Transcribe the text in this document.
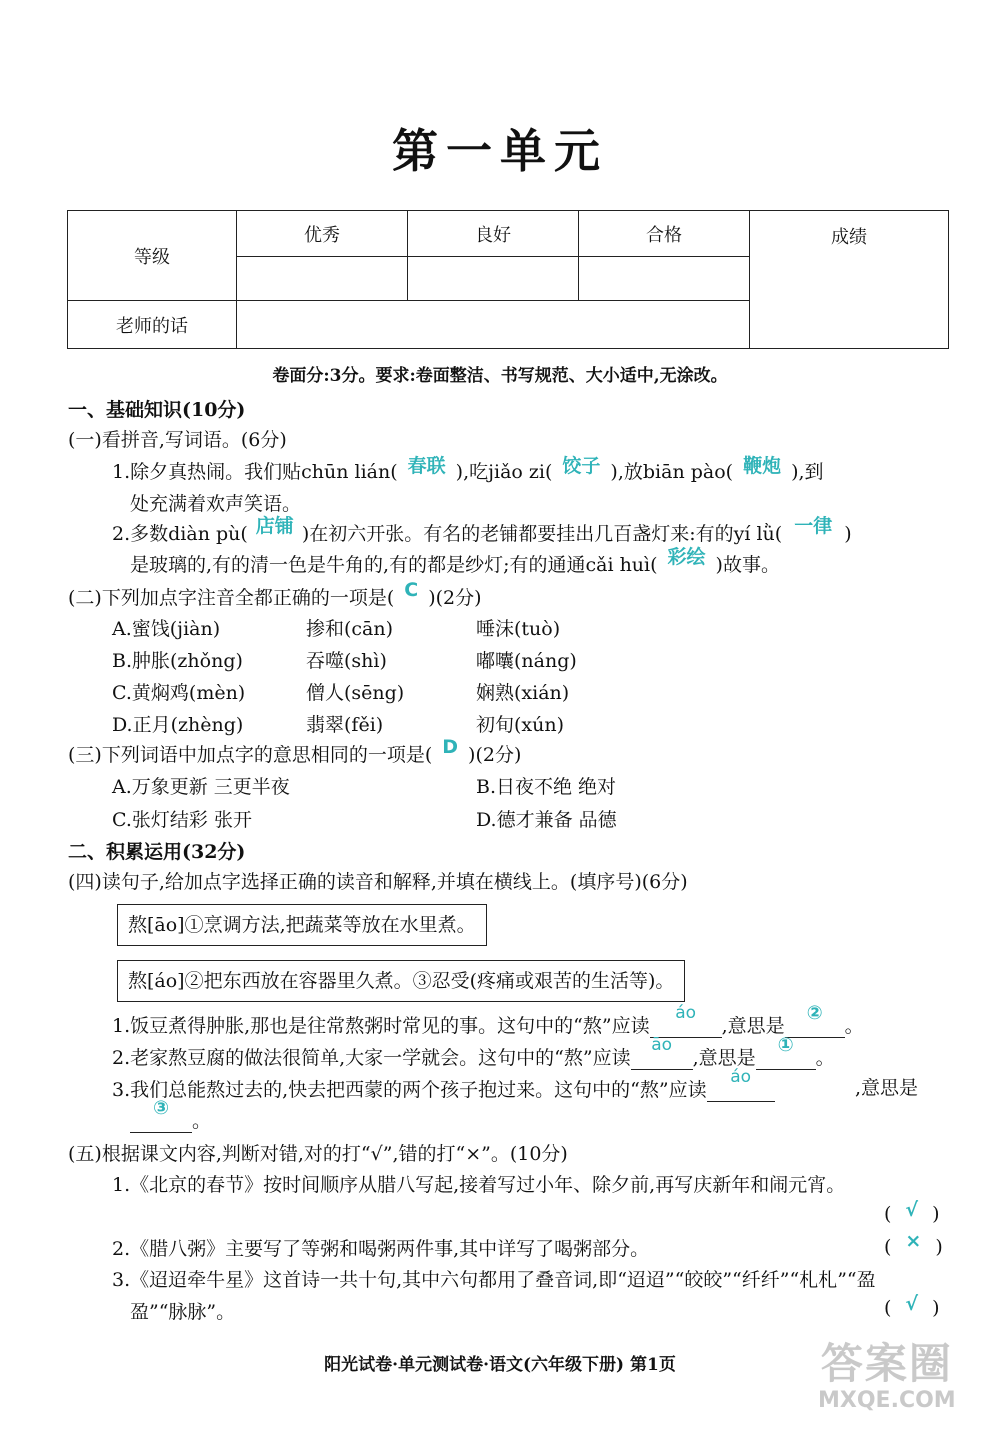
第一单元
等级	优秀	良好	合格	成绩

老师的话				
卷面分:3分。要求:卷面整洁、书写规范、大小适中,无涂改。
一、基础知识(10分)
(一)看拼音,写词语。(6分)
1.除夕真热闹。我们贴chūn lián( 春联 ),吃jiǎo zi( 饺子 ),放biān pào( 鞭炮 ),到
处充满着欢声笑语。
2.多数diàn pù( 店铺 )在初六开张。有名的老铺都要挂出几百盏灯来:有的yí lǜ( 一律 )
是玻璃的,有的清一色是牛角的,有的都是纱灯;有的通通cǎi huì( 彩绘 )故事。
(二)下列加点字注音全都正确的一项是( C )(2分)
A.蜜饯(jiàn)	掺和(cān)	唾沫(tuò)
B.肿胀(zhǒng)	吞噬(shì)	嘟囔(náng)
C.黄焖鸡(mèn)	僧人(sēng)	娴熟(xián)
D.正月(zhèng)	翡翠(fěi)	初旬(xún)
(三)下列词语中加点字的意思相同的一项是( D )(2分)
A.万象更新 三更半夜	B.日夜不绝 绝对
C.张灯结彩 张开	D.德才兼备 品德
二、积累运用(32分)
(四)读句子,给加点字选择正确的读音和解释,并填在横线上。(填序号)(6分)
熬[āo]①烹调方法,把蔬菜等放在水里煮。
熬[áo]②把东西放在容器里久煮。③忍受(疼痛或艰苦的生活等)。
1.饭豆煮得肿胀,那也是往常熬粥时常见的事。这句中的“熬”应读áo,意思是②。
2.老家熬豆腐的做法很简单,大家一学就会。这句中的“熬”应读āo,意思是①。
3.我们总能熬过去的,快去把西蒙的两个孩子抱过来。这句中的“熬”应读áo	,意思是
③。
(五)根据课文内容,判断对错,对的打“√”,错的打“×”。(10分)
1.《北京的春节》按时间顺序从腊八写起,接着写过小年、除夕前,再写庆新年和闹元宵。
( √ )
2.《腊八粥》主要写了等粥和喝粥两件事,其中详写了喝粥部分。	( × )
3.《迢迢牵牛星》这首诗一共十句,其中六句都用了叠音词,即“迢迢”“皎皎”“纤纤”“札札”“盈
盈”“脉脉”。	( √ )
阳光试卷·单元测试卷·语文(六年级下册) 第1页	答案圈
MXQE.COM
